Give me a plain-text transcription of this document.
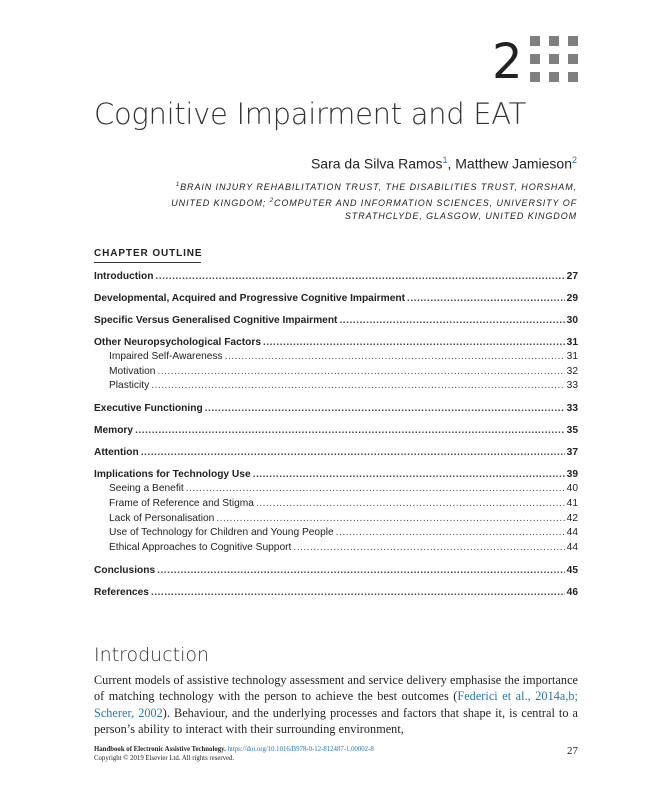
2
Cognitive Impairment and EAT
Sara da Silva Ramos$^1$, Matthew Jamieson$^2$
$^1$BRAIN INJURY REHABILITATION TRUST, THE DISABILITIES TRUST, HORSHAM, UNITED KINGDOM; $^2$COMPUTER AND INFORMATION SCIENCES, UNIVERSITY OF STRATHCLYDE, GLASGOW, UNITED KINGDOM
CHAPTER OUTLINE
Introduction .....	27
Developmental, Acquired and Progressive Cognitive Impairment .....	29
Specific Versus Generalised Cognitive Impairment .....	30
Other Neuropsychological Factors .....	31
Impaired Self-Awareness .....	31
Motivation .....	32
Plasticity .....	33
Executive Functioning .....	33
Memory .....	35
Attention .....	37
Implications for Technology Use .....	39
Seeing a Benefit .....	40
Frame of Reference and Stigma .....	41
Lack of Personalisation .....	42
Use of Technology for Children and Young People .....	44
Ethical Approaches to Cognitive Support .....	44
Conclusions .....	45
References .....	46
Introduction
Current models of assistive technology assessment and service delivery emphasise the importance of matching technology with the person to achieve the best outcomes (Federici et al., 2014a,b; Scherer, 2002). Behaviour, and the underlying processes and factors that shape it, is central to a person’s ability to interact with their surrounding environment,
Handbook of Electronic Assistive Technology. https://doi.org/10.1016/B978-0-12-812487-1.00002-8
Copyright © 2019 Elsevier Ltd. All rights reserved.
27
